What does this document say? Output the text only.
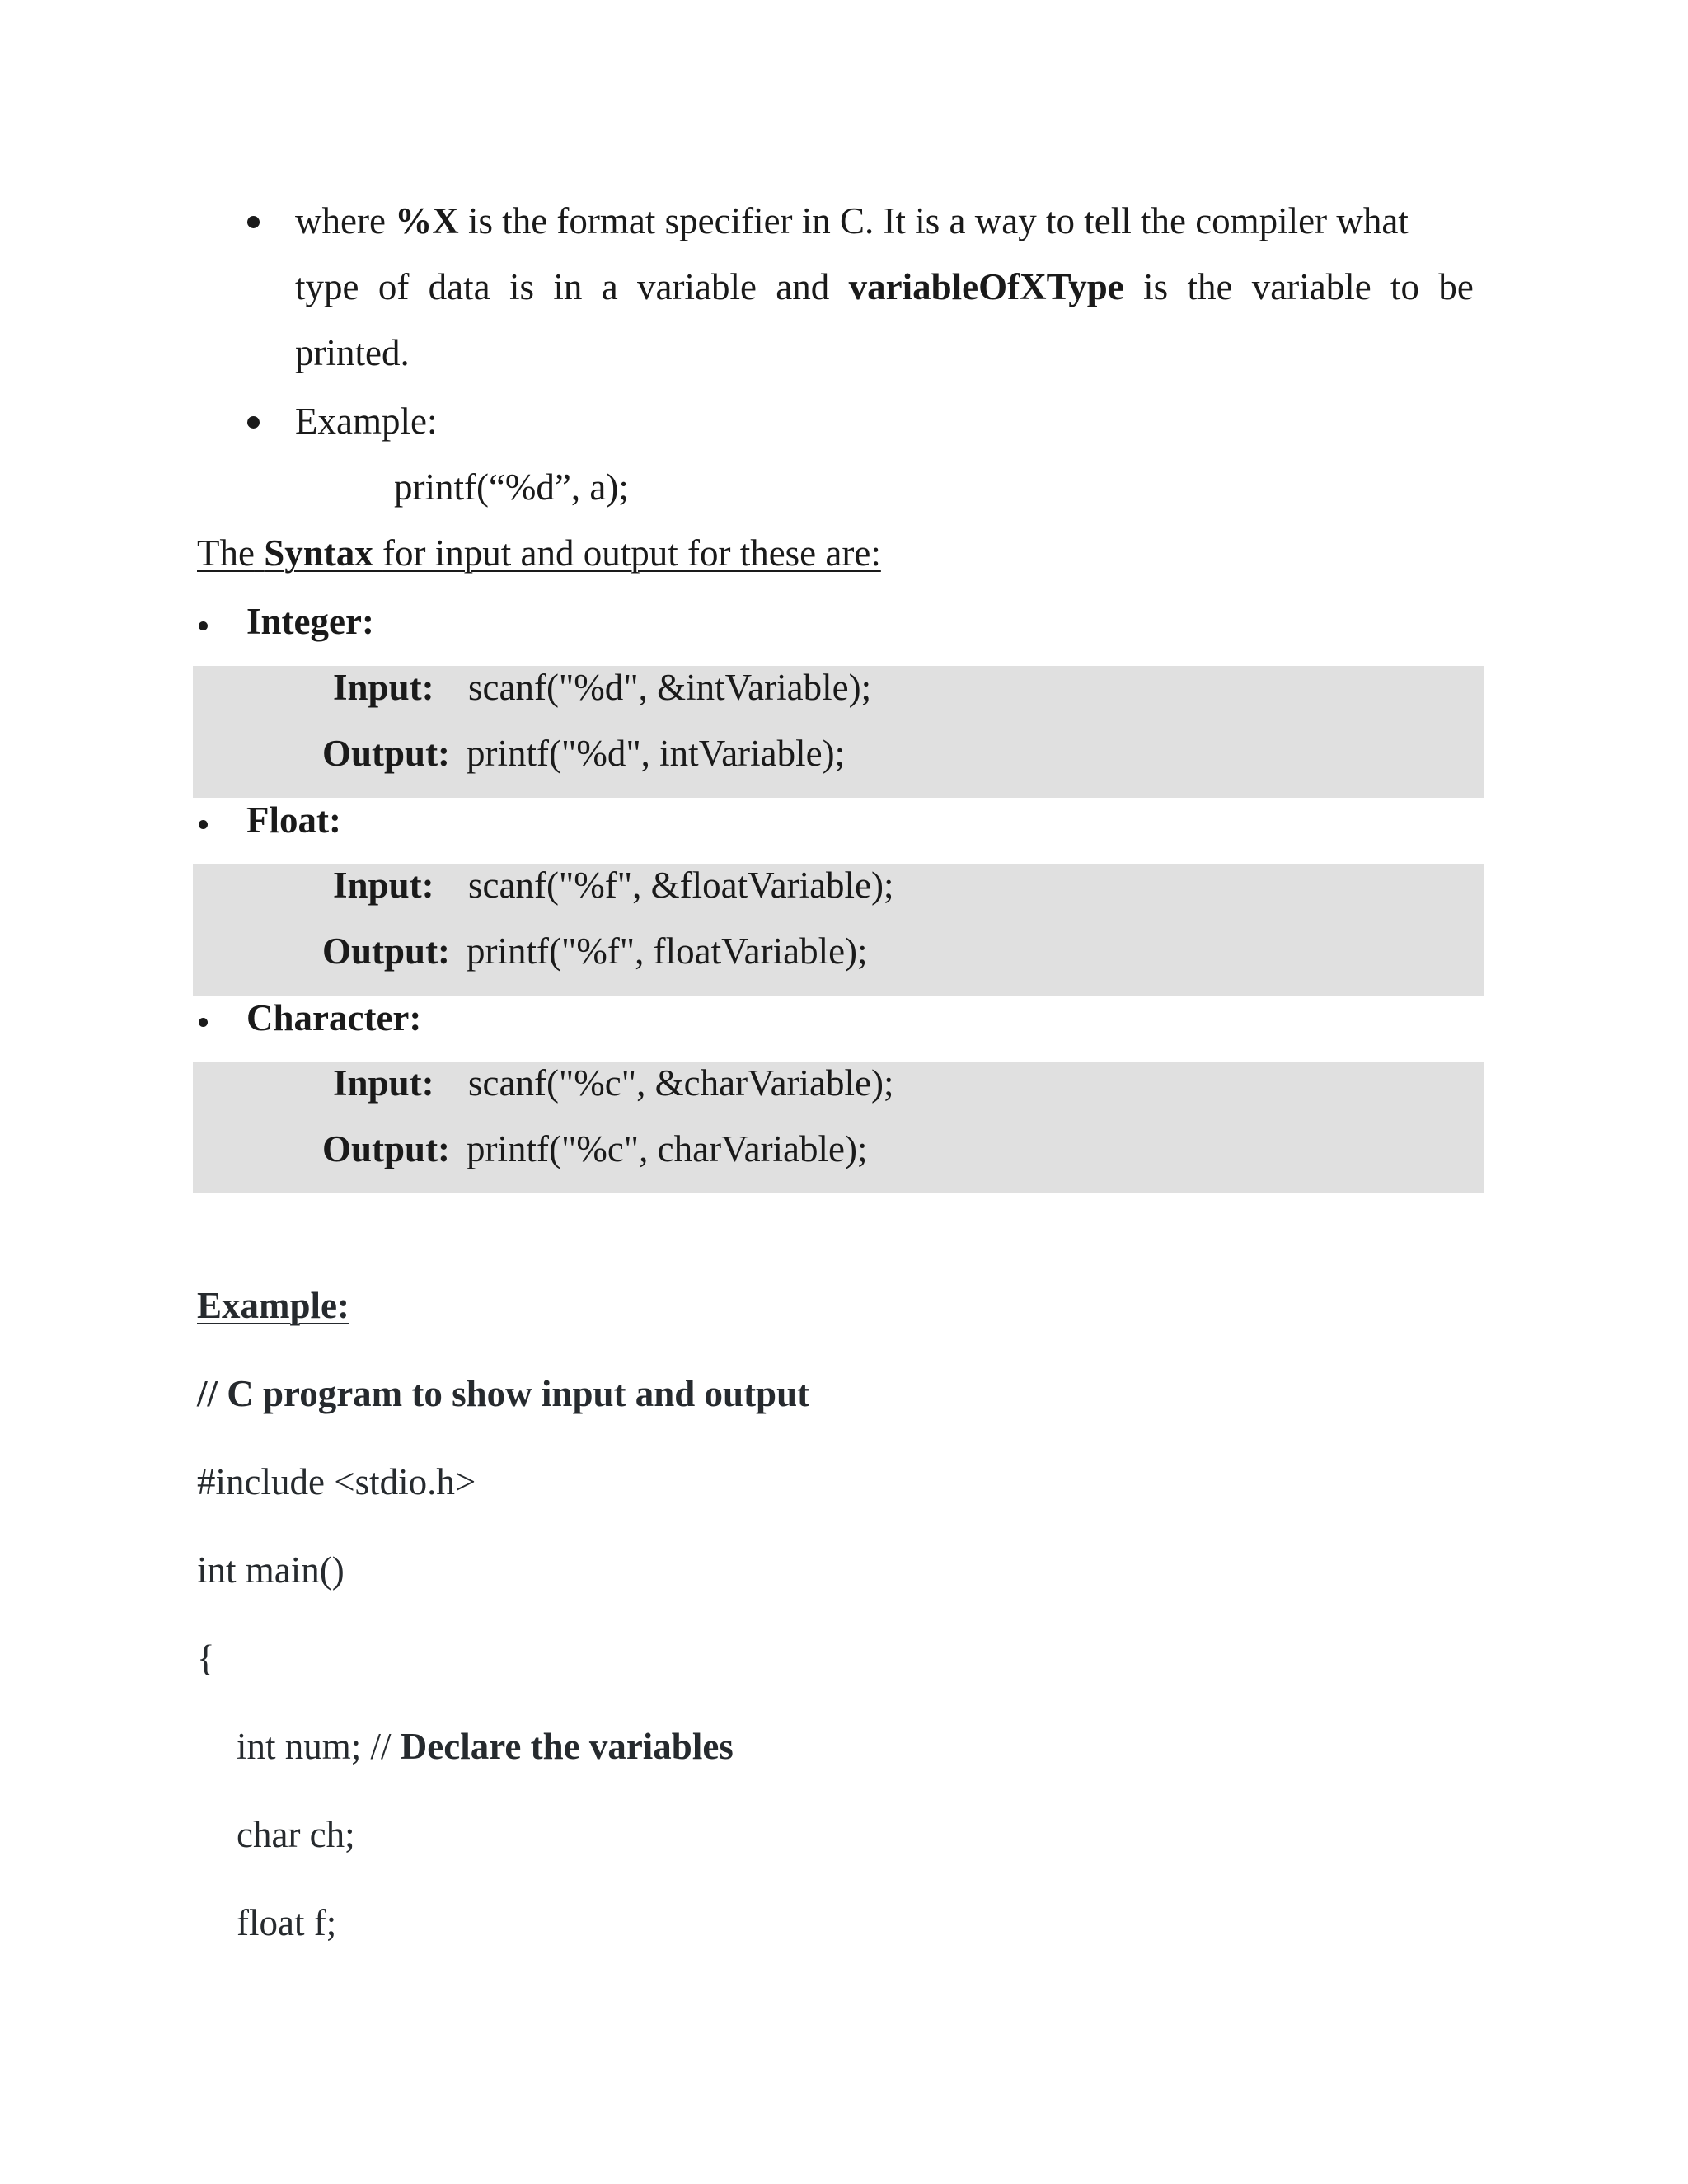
where %X is the format specifier in C. It is a way to tell the compiler what
type of data is in a variable and variableOfXType is the variable to be
printed.
Example:
printf(“%d”, a);
The Syntax for input and output for these are:
Integer:
Input: scanf("%d", &intVariable);
Output: printf("%d", intVariable);
Float:
Input: scanf("%f", &floatVariable);
Output: printf("%f", floatVariable);
Character:
Input: scanf("%c", &charVariable);
Output: printf("%c", charVariable);
Example:
// C program to show input and output
#include <stdio.h>
int main()
{
int num; // Declare the variables
char ch;
float f;
